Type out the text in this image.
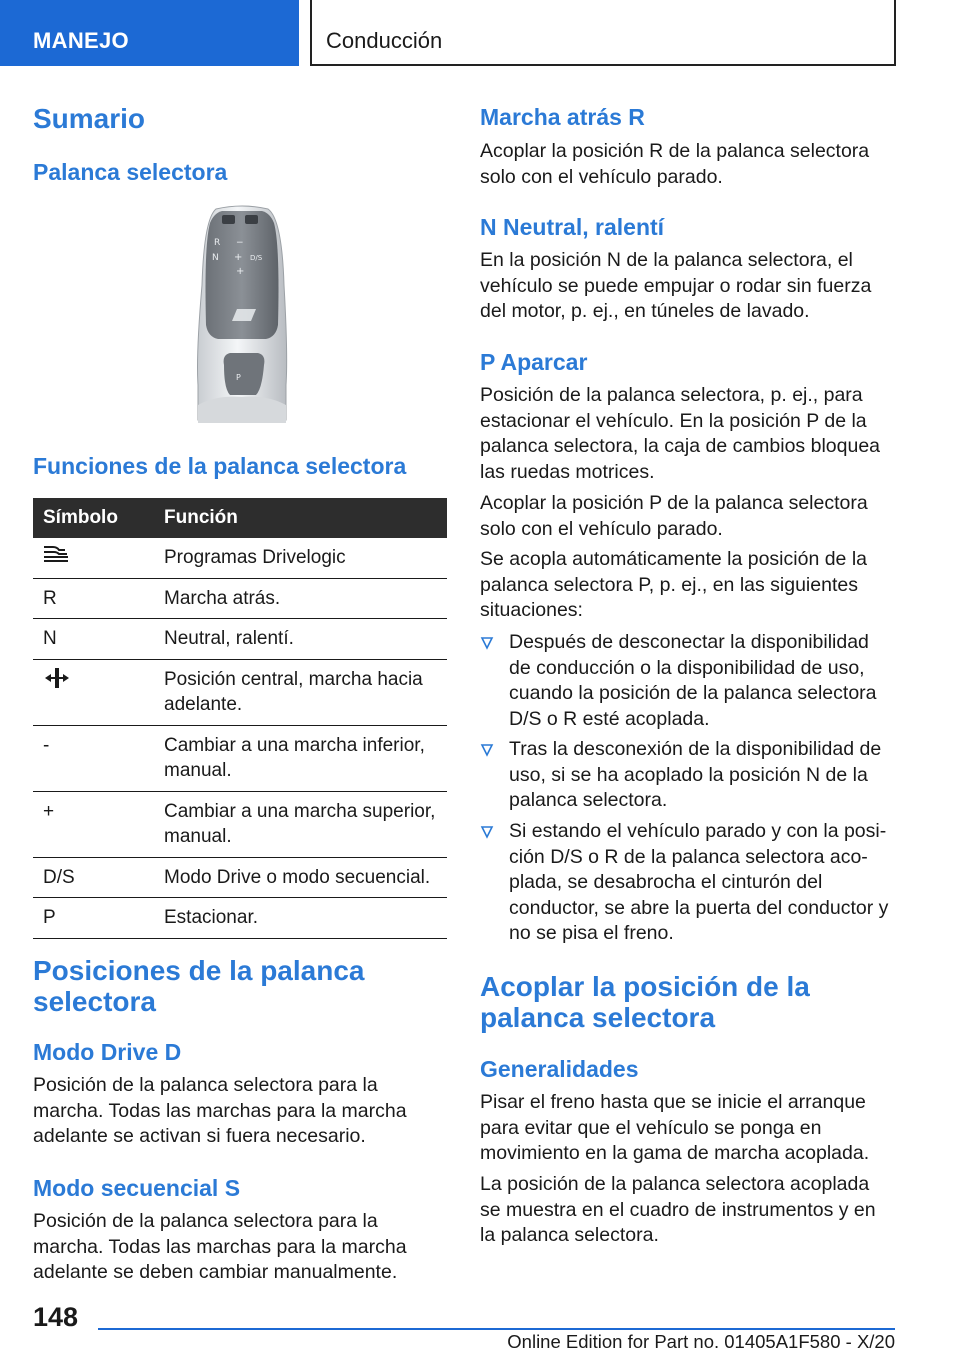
MANEJO	Conducción
Sumario
Palanca selectora
R −
N + D/S
+
P
Funciones de la palanca selectora
Símbolo	Función
	Programas Drivelogic
R	Marcha atrás.
N	Neutral, ralentí.
	Posición central, marcha hacia adelante.
-	Cambiar a una marcha inferior, manual.
+	Cambiar a una marcha superior, manual.
D/S	Modo Drive o modo secuencial.
P	Estacionar.
Posiciones de la palanca selectora
Modo Drive D

Posición de la palanca selectora para la marcha. Todas las marchas para la marcha adelante se activan si fuera necesario.

Modo secuencial S

Posición de la palanca selectora para la marcha. Todas las marchas para la marcha adelante se deben cambiar manualmente.

Marcha atrás R

Acoplar la posición R de la palanca selectora solo con el vehículo parado.

N Neutral, ralentí

En la posición N de la palanca selectora, el vehículo se puede empujar o rodar sin fuerza del motor, p. ej., en túneles de lavado.

P Aparcar

Posición de la palanca selectora, p. ej., para estacionar el vehículo. En la posición P de la palanca selectora, la caja de cambios bloquea las ruedas motrices.

Acoplar la posición P de la palanca selectora solo con el vehículo parado.

Se acopla automáticamente la posición de la palanca selectora P, p. ej., en las siguientes situaciones:

Después de desconectar la disponibilidad de conducción o la disponibilidad de uso, cuando la posición de la palanca selectora D/S o R esté acoplada.
Tras la desconexión de la disponibilidad de uso, si se ha acoplado la posición N de la palanca selectora.
Si estando el vehículo parado y con la posición D/S o R de la palanca selectora acoplada, se desabrocha el cinturón del conductor, se abre la puerta del conductor y no se pisa el freno.
Acoplar la posición de la palanca selectora
Generalidades

Pisar el freno hasta que se inicie el arranque para evitar que el vehículo se ponga en movimiento en la gama de marcha acoplada.

La posición de la palanca selectora acoplada se muestra en el cuadro de instrumentos y en la palanca selectora.

148
Online Edition for Part no. 01405A1F580 - X/20
